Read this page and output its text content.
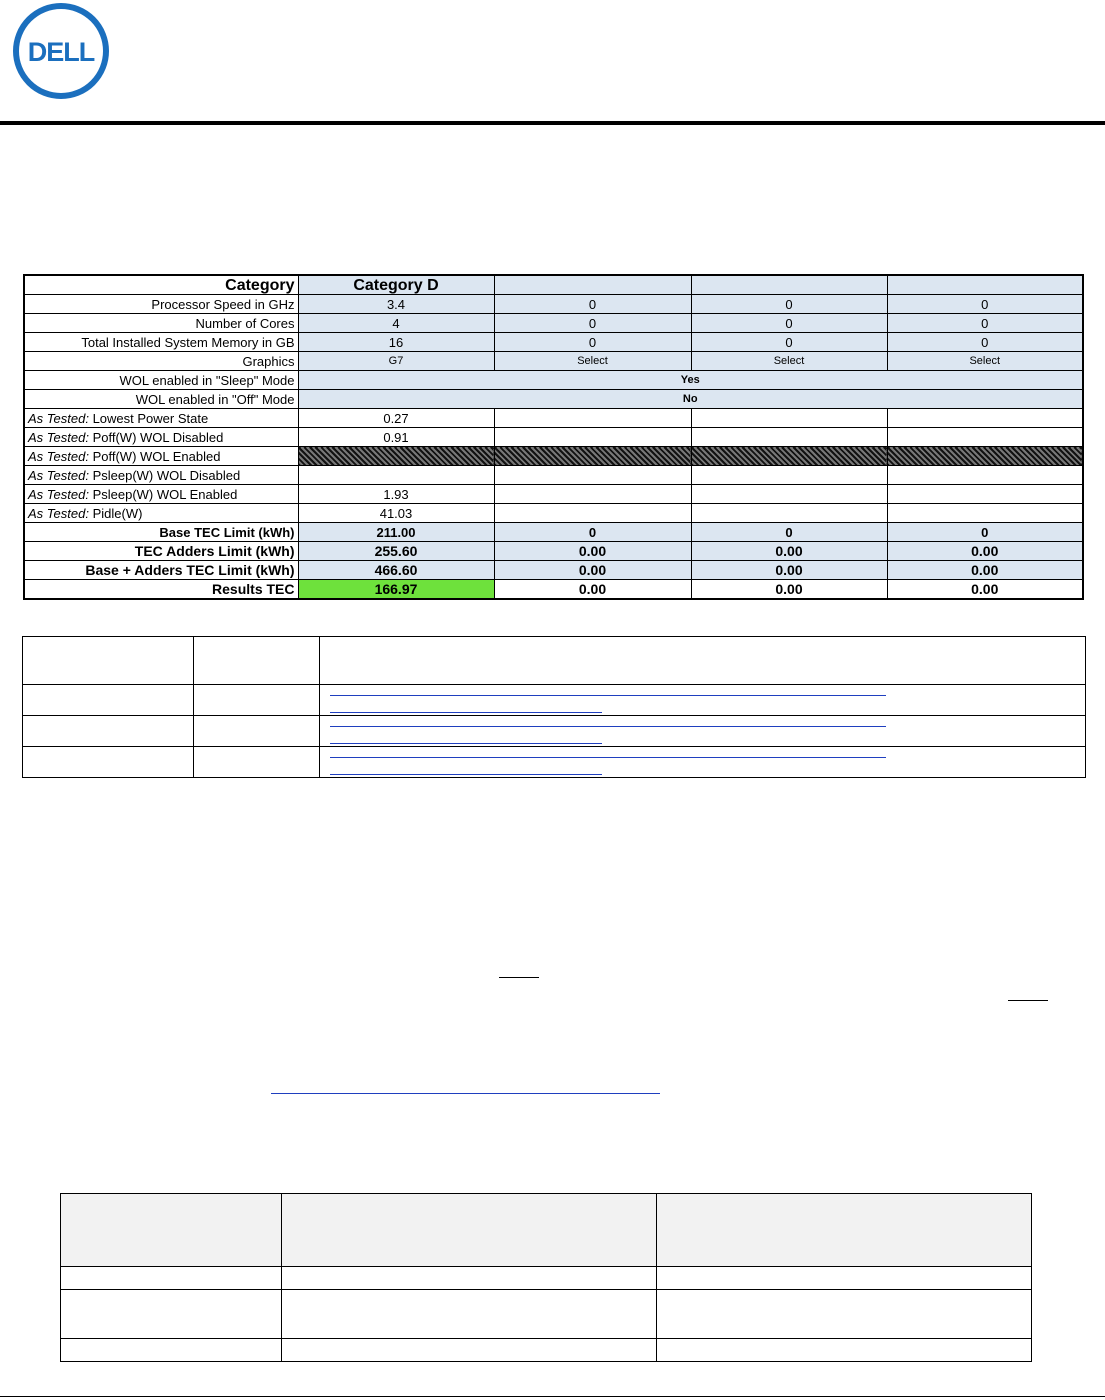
DELL
Category	Category D			
Processor Speed in GHz	3.4	0	0	0
Number of Cores	4	0	0	0
Total Installed System Memory in GB	16	0	0	0
Graphics	G7	Select	Select	Select
WOL enabled in "Sleep" Mode	Yes			
WOL enabled in "Off" Mode	No			
As Tested: Lowest Power State	0.27			
As Tested: Poff(W) WOL Disabled	0.91			
As Tested: Poff(W) WOL Enabled				
As Tested: Psleep(W) WOL Disabled				
As Tested: Psleep(W) WOL Enabled	1.93			
As Tested: Pidle(W)	41.03			
Base TEC Limit (kWh)	211.00	0	0	0
TEC Adders Limit (kWh)	255.60	0.00	0.00	0.00
Base + Adders TEC Limit (kWh)	466.60	0.00	0.00	0.00
Results TEC	166.97	0.00	0.00	0.00
